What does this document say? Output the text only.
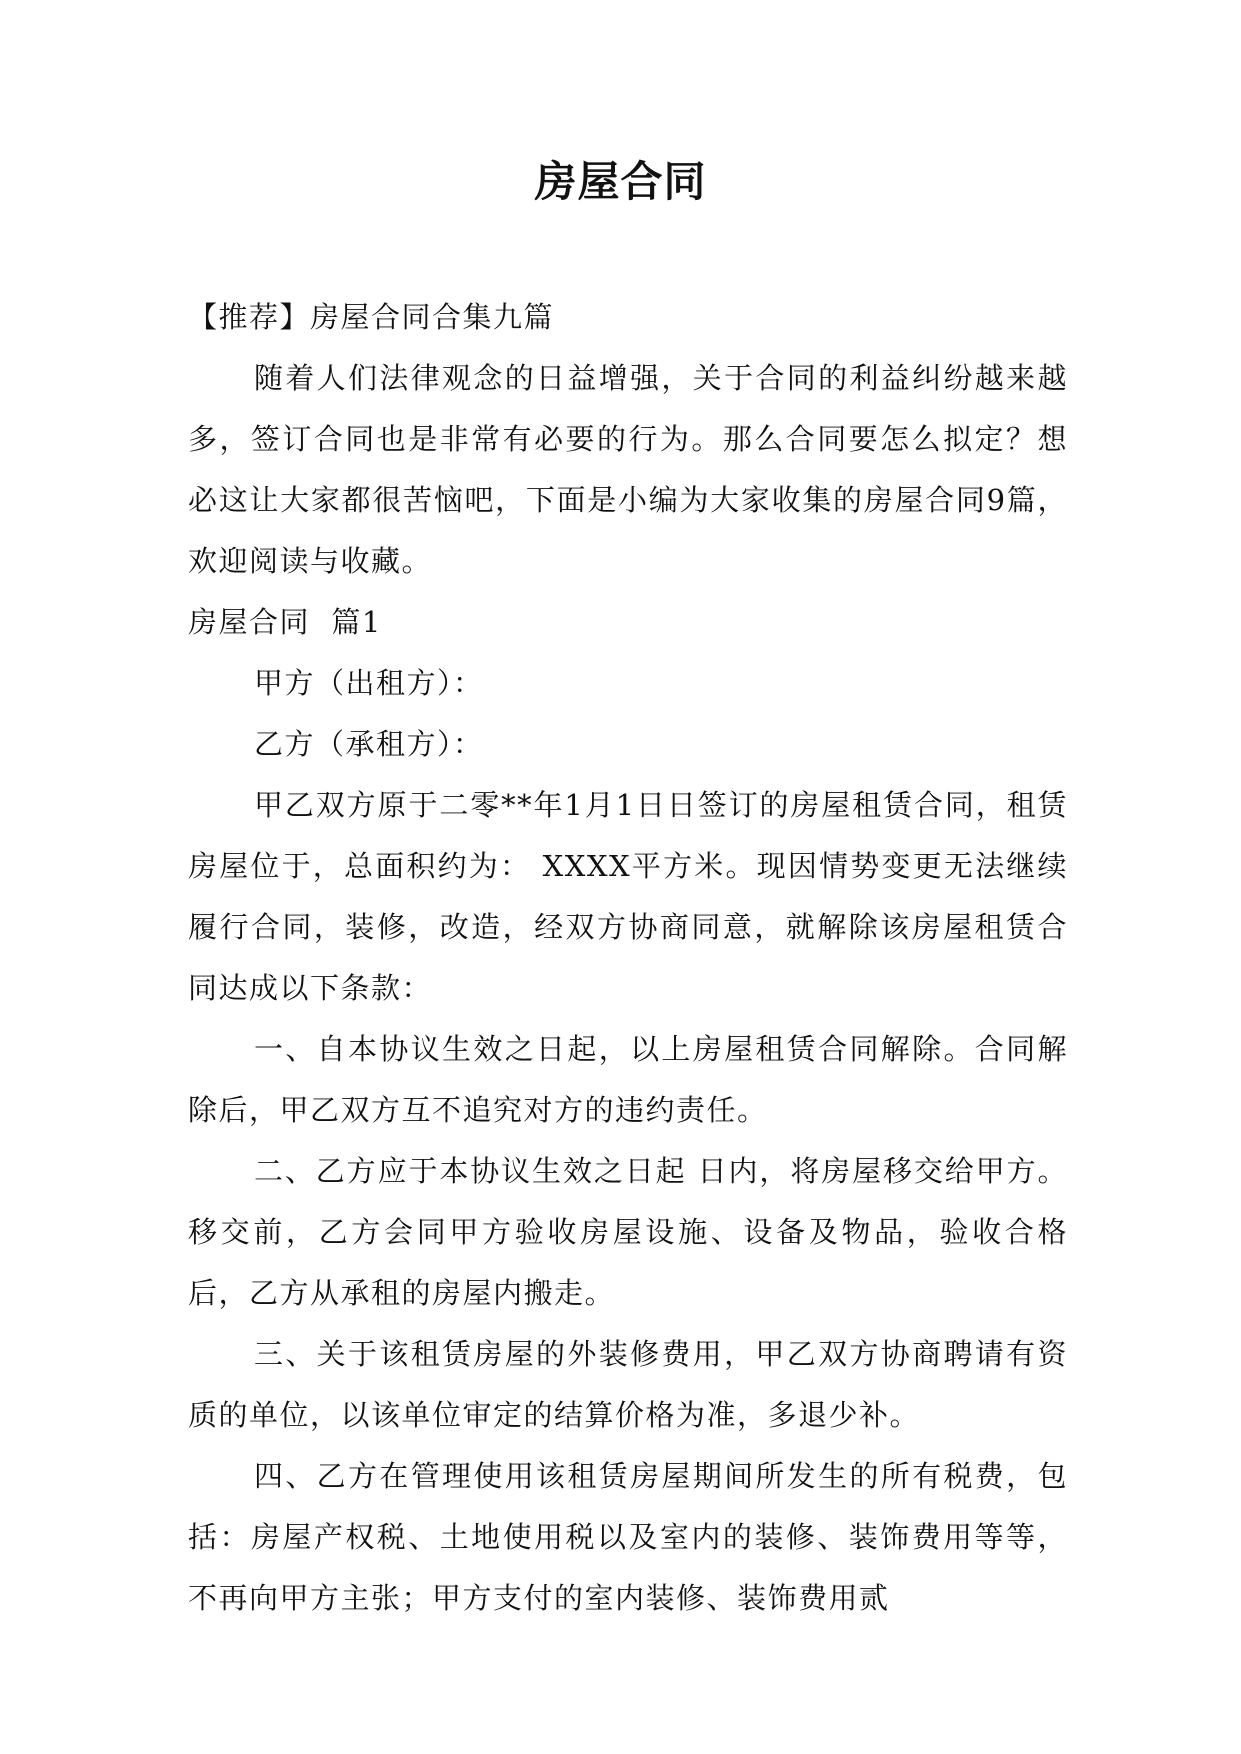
房屋合同

【推荐】房屋合同合集九篇

随着人们法律观念的日益增强，关于合同的利益纠纷越来越多，签订合同也是非常有必要的行为。那么合同要怎么拟定？想必这让大家都很苦恼吧，下面是小编为大家收集的房屋合同9篇，欢迎阅读与收藏。

房屋合同  篇1

甲方（出租方）：

乙方（承租方）：

甲乙双方原于二零**年1月1日日签订的房屋租赁合同，租赁房屋位于，总面积约为： XXXX平方米。现因情势变更无法继续履行合同，装修，改造，经双方协商同意，就解除该房屋租赁合同达成以下条款：

一、自本协议生效之日起，以上房屋租赁合同解除。合同解除后，甲乙双方互不追究对方的违约责任。

二、乙方应于本协议生效之日起 日内，将房屋移交给甲方。移交前，乙方会同甲方验收房屋设施、设备及物品，验收合格后，乙方从承租的房屋内搬走。

三、关于该租赁房屋的外装修费用，甲乙双方协商聘请有资质的单位，以该单位审定的结算价格为准，多退少补。

四、乙方在管理使用该租赁房屋期间所发生的所有税费，包括：房屋产权税、土地使用税以及室内的装修、装饰费用等等，不再向甲方主张；甲方支付的室内装修、装饰费用贰
